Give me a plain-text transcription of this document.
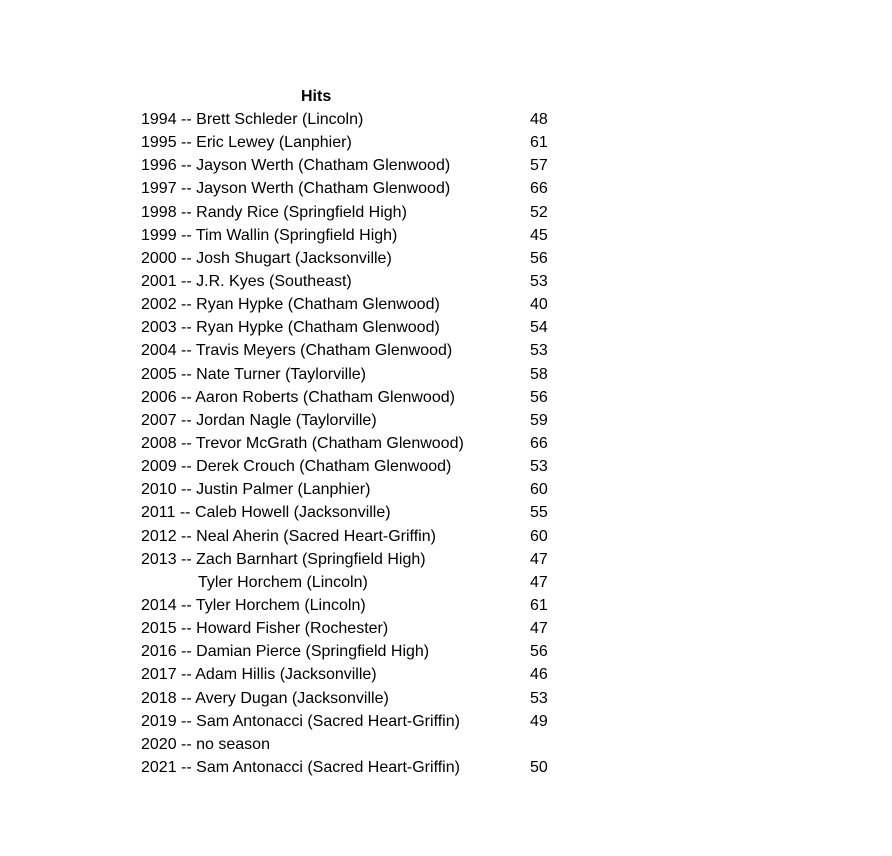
Hits
1994 -- Brett Schleder (Lincoln)	48
1995 -- Eric Lewey (Lanphier)	61
1996 -- Jayson Werth (Chatham Glenwood)	57
1997 -- Jayson Werth (Chatham Glenwood)	66
1998 -- Randy Rice (Springfield High)	52
1999 -- Tim Wallin (Springfield High)	45
2000 -- Josh Shugart (Jacksonville)	56
2001 -- J.R. Kyes (Southeast)	53
2002 -- Ryan Hypke (Chatham Glenwood)	40
2003 -- Ryan Hypke (Chatham Glenwood)	54
2004 -- Travis Meyers (Chatham Glenwood)	53
2005 -- Nate Turner (Taylorville)	58
2006 -- Aaron Roberts (Chatham Glenwood)	56
2007 -- Jordan Nagle (Taylorville)	59
2008 -- Trevor McGrath (Chatham Glenwood)	66
2009 -- Derek Crouch (Chatham Glenwood)	53
2010 -- Justin Palmer (Lanphier)	60
2011 -- Caleb Howell (Jacksonville)	55
2012 -- Neal Aherin (Sacred Heart-Griffin)	60
2013 -- Zach Barnhart (Springfield High)	47
Tyler Horchem (Lincoln)	47
2014 -- Tyler Horchem (Lincoln)	61
2015 -- Howard Fisher (Rochester)	47
2016 -- Damian Pierce (Springfield High)	56
2017 -- Adam Hillis (Jacksonville)	46
2018 -- Avery Dugan (Jacksonville)	53
2019 -- Sam Antonacci (Sacred Heart-Griffin)	49
2020 -- no season
2021 -- Sam Antonacci (Sacred Heart-Griffin)	50
